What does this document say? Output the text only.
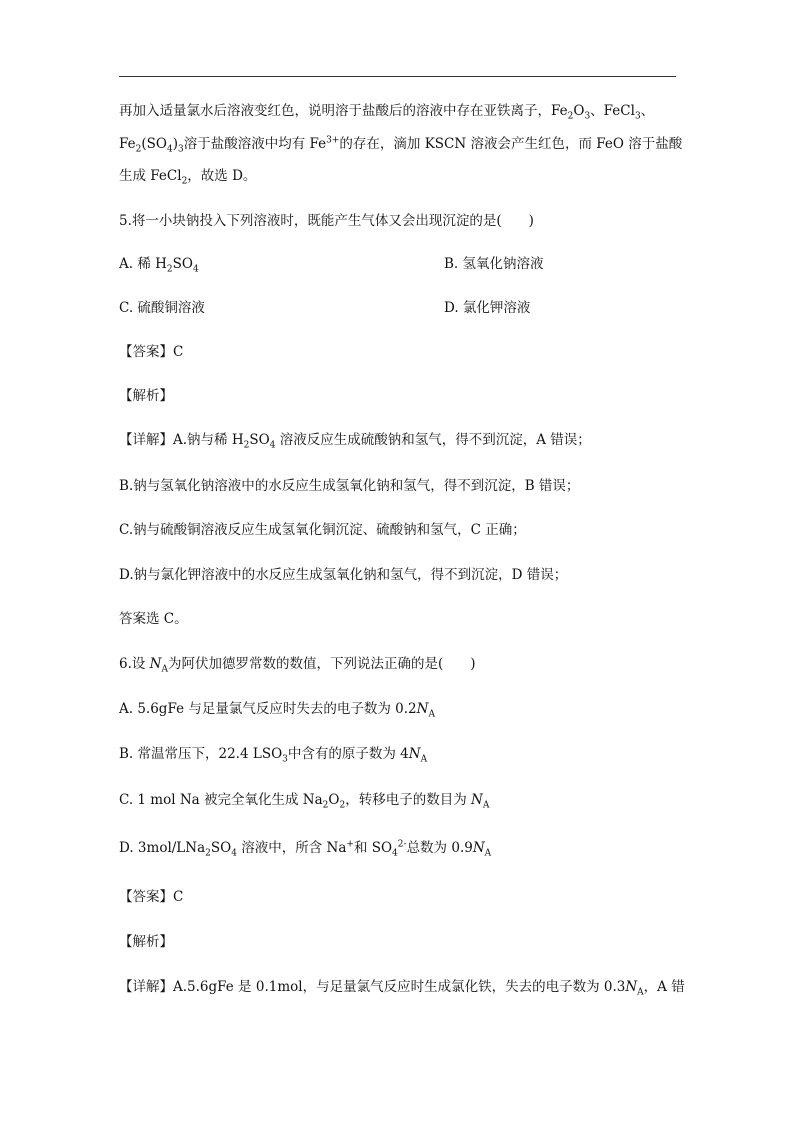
再加入适量氯水后溶液变红色，说明溶于盐酸后的溶液中存在亚铁离子，$Fe_2O_3$、FeCl$_3$、
$Fe_2(SO_4)_3$溶于盐酸溶液中均有 $Fe^{3+}$的存在，滴加 KSCN 溶液会产生红色，而 FeO 溶于盐酸
生成 FeCl$_2$，故选 D。
5.将一小块钠投入下列溶液时，既能产生气体又会出现沉淀的是(　　)
A. 稀 $H_2SO_4$	B. 氢氧化钠溶液
C. 硫酸铜溶液	D. 氯化钾溶液
【答案】C
【解析】
【详解】A.钠与稀 $H_2SO_4$ 溶液反应生成硫酸钠和氢气，得不到沉淀，A 错误；
B.钠与氢氧化钠溶液中的水反应生成氢氧化钠和氢气，得不到沉淀，B 错误；
C.钠与硫酸铜溶液反应生成氢氧化铜沉淀、硫酸钠和氢气，C 正确；
D.钠与氯化钾溶液中的水反应生成氢氧化钠和氢气，得不到沉淀，D 错误；
答案选 C。
6.设 $N_A$为阿伏加德罗常数的数值，下列说法正确的是(　　)
A. 5.6gFe 与足量氯气反应时失去的电子数为 $0.2N_A$
B. 常温常压下，22.4 $LSO_3$中含有的原子数为 $4N_A$
C. 1 mol Na 被完全氧化生成 $Na_2O_2$，转移电子的数目为 $N_A$
D. $3mol/LNa_2SO_4$ 溶液中，所含 Na+和 $SO_4^{2-}$总数为 $0.9N_A$
【答案】C
【解析】
【详解】A.5.6gFe 是 0.1mol，与足量氯气反应时生成氯化铁，失去的电子数为 $0.3N_A$，A 错
